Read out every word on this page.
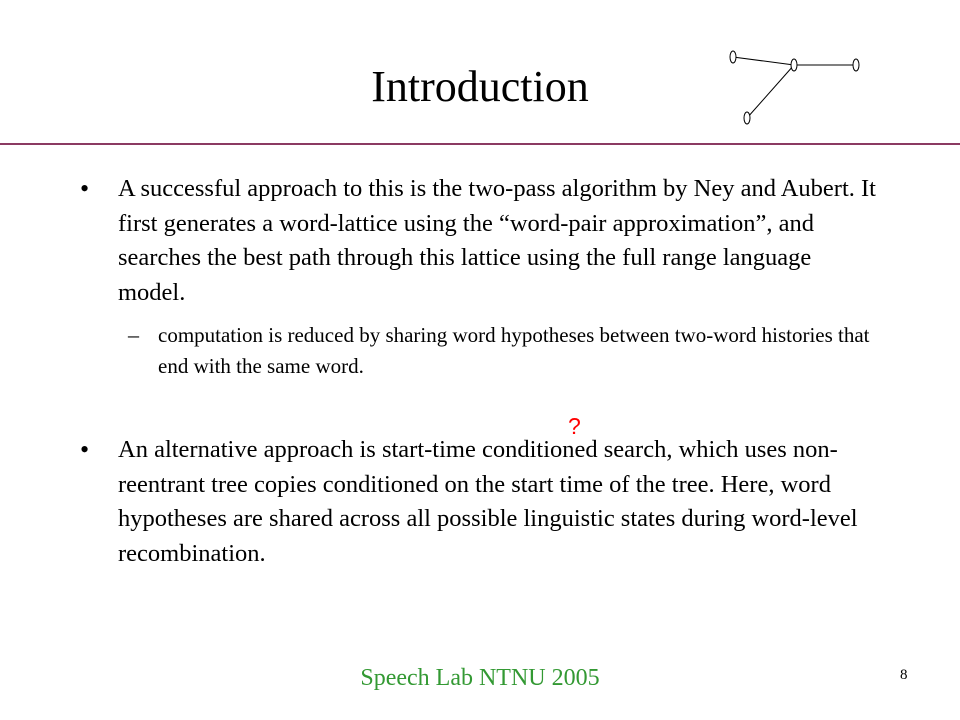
Introduction
• A successful approach to this is the two-pass algorithm by Ney and Aubert. It first generates a word-lattice using the “word-pair approximation”, and searches the best path through this lattice using the full range language model.
– computation is reduced by sharing word hypotheses between two-word histories that end with the same word.
?
• An alternative approach is start-time conditioned search, which uses non-reentrant tree copies conditioned on the start time of the tree. Here, word hypotheses are shared across all possible linguistic states during word-level recombination.
Speech Lab NTNU 2005	8
